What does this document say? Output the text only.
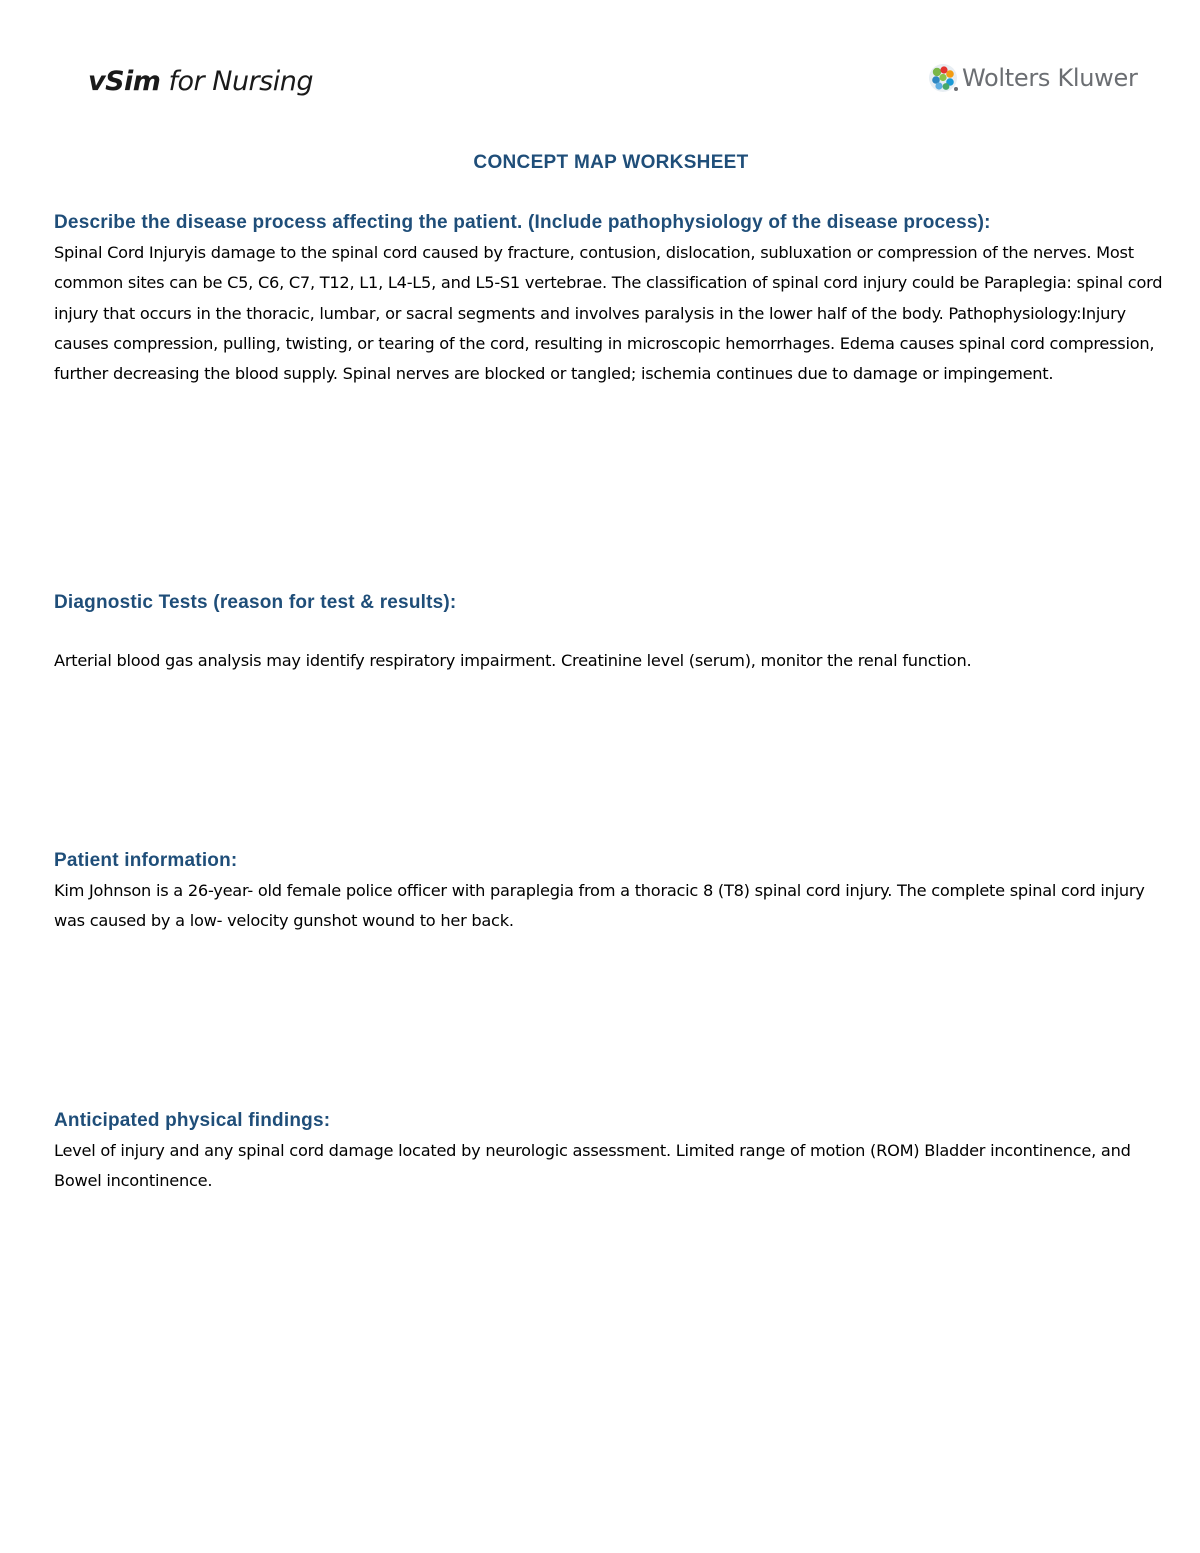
vSim for Nursing	Wolters Kluwer
CONCEPT MAP WORKSHEET
Describe the disease process affecting the patient. (Include pathophysiology of the disease process):
Spinal Cord Injuryis damage to the spinal cord caused by fracture, contusion, dislocation, subluxation or compression of the nerves. Most common sites can be C5, C6, C7, T12, L1, L4-L5, and L5-S1 vertebrae. The classification of spinal cord injury could be Paraplegia: spinal cord injury that occurs in the thoracic, lumbar, or sacral segments and involves paralysis in the lower half of the body. Pathophysiology:Injury causes compression, pulling, twisting, or tearing of the cord, resulting in microscopic hemorrhages. Edema causes spinal cord compression, further decreasing the blood supply. Spinal nerves are blocked or tangled; ischemia continues due to damage or impingement.
Diagnostic Tests (reason for test & results):
Arterial blood gas analysis may identify respiratory impairment. Creatinine level (serum), monitor the renal function.
Patient information:
Kim Johnson is a 26-year- old female police officer with paraplegia from a thoracic 8 (T8) spinal cord injury. The complete spinal cord injury was caused by a low- velocity gunshot wound to her back.
Anticipated physical findings:
Level of injury and any spinal cord damage located by neurologic assessment. Limited range of motion (ROM) Bladder incontinence, and Bowel incontinence.
